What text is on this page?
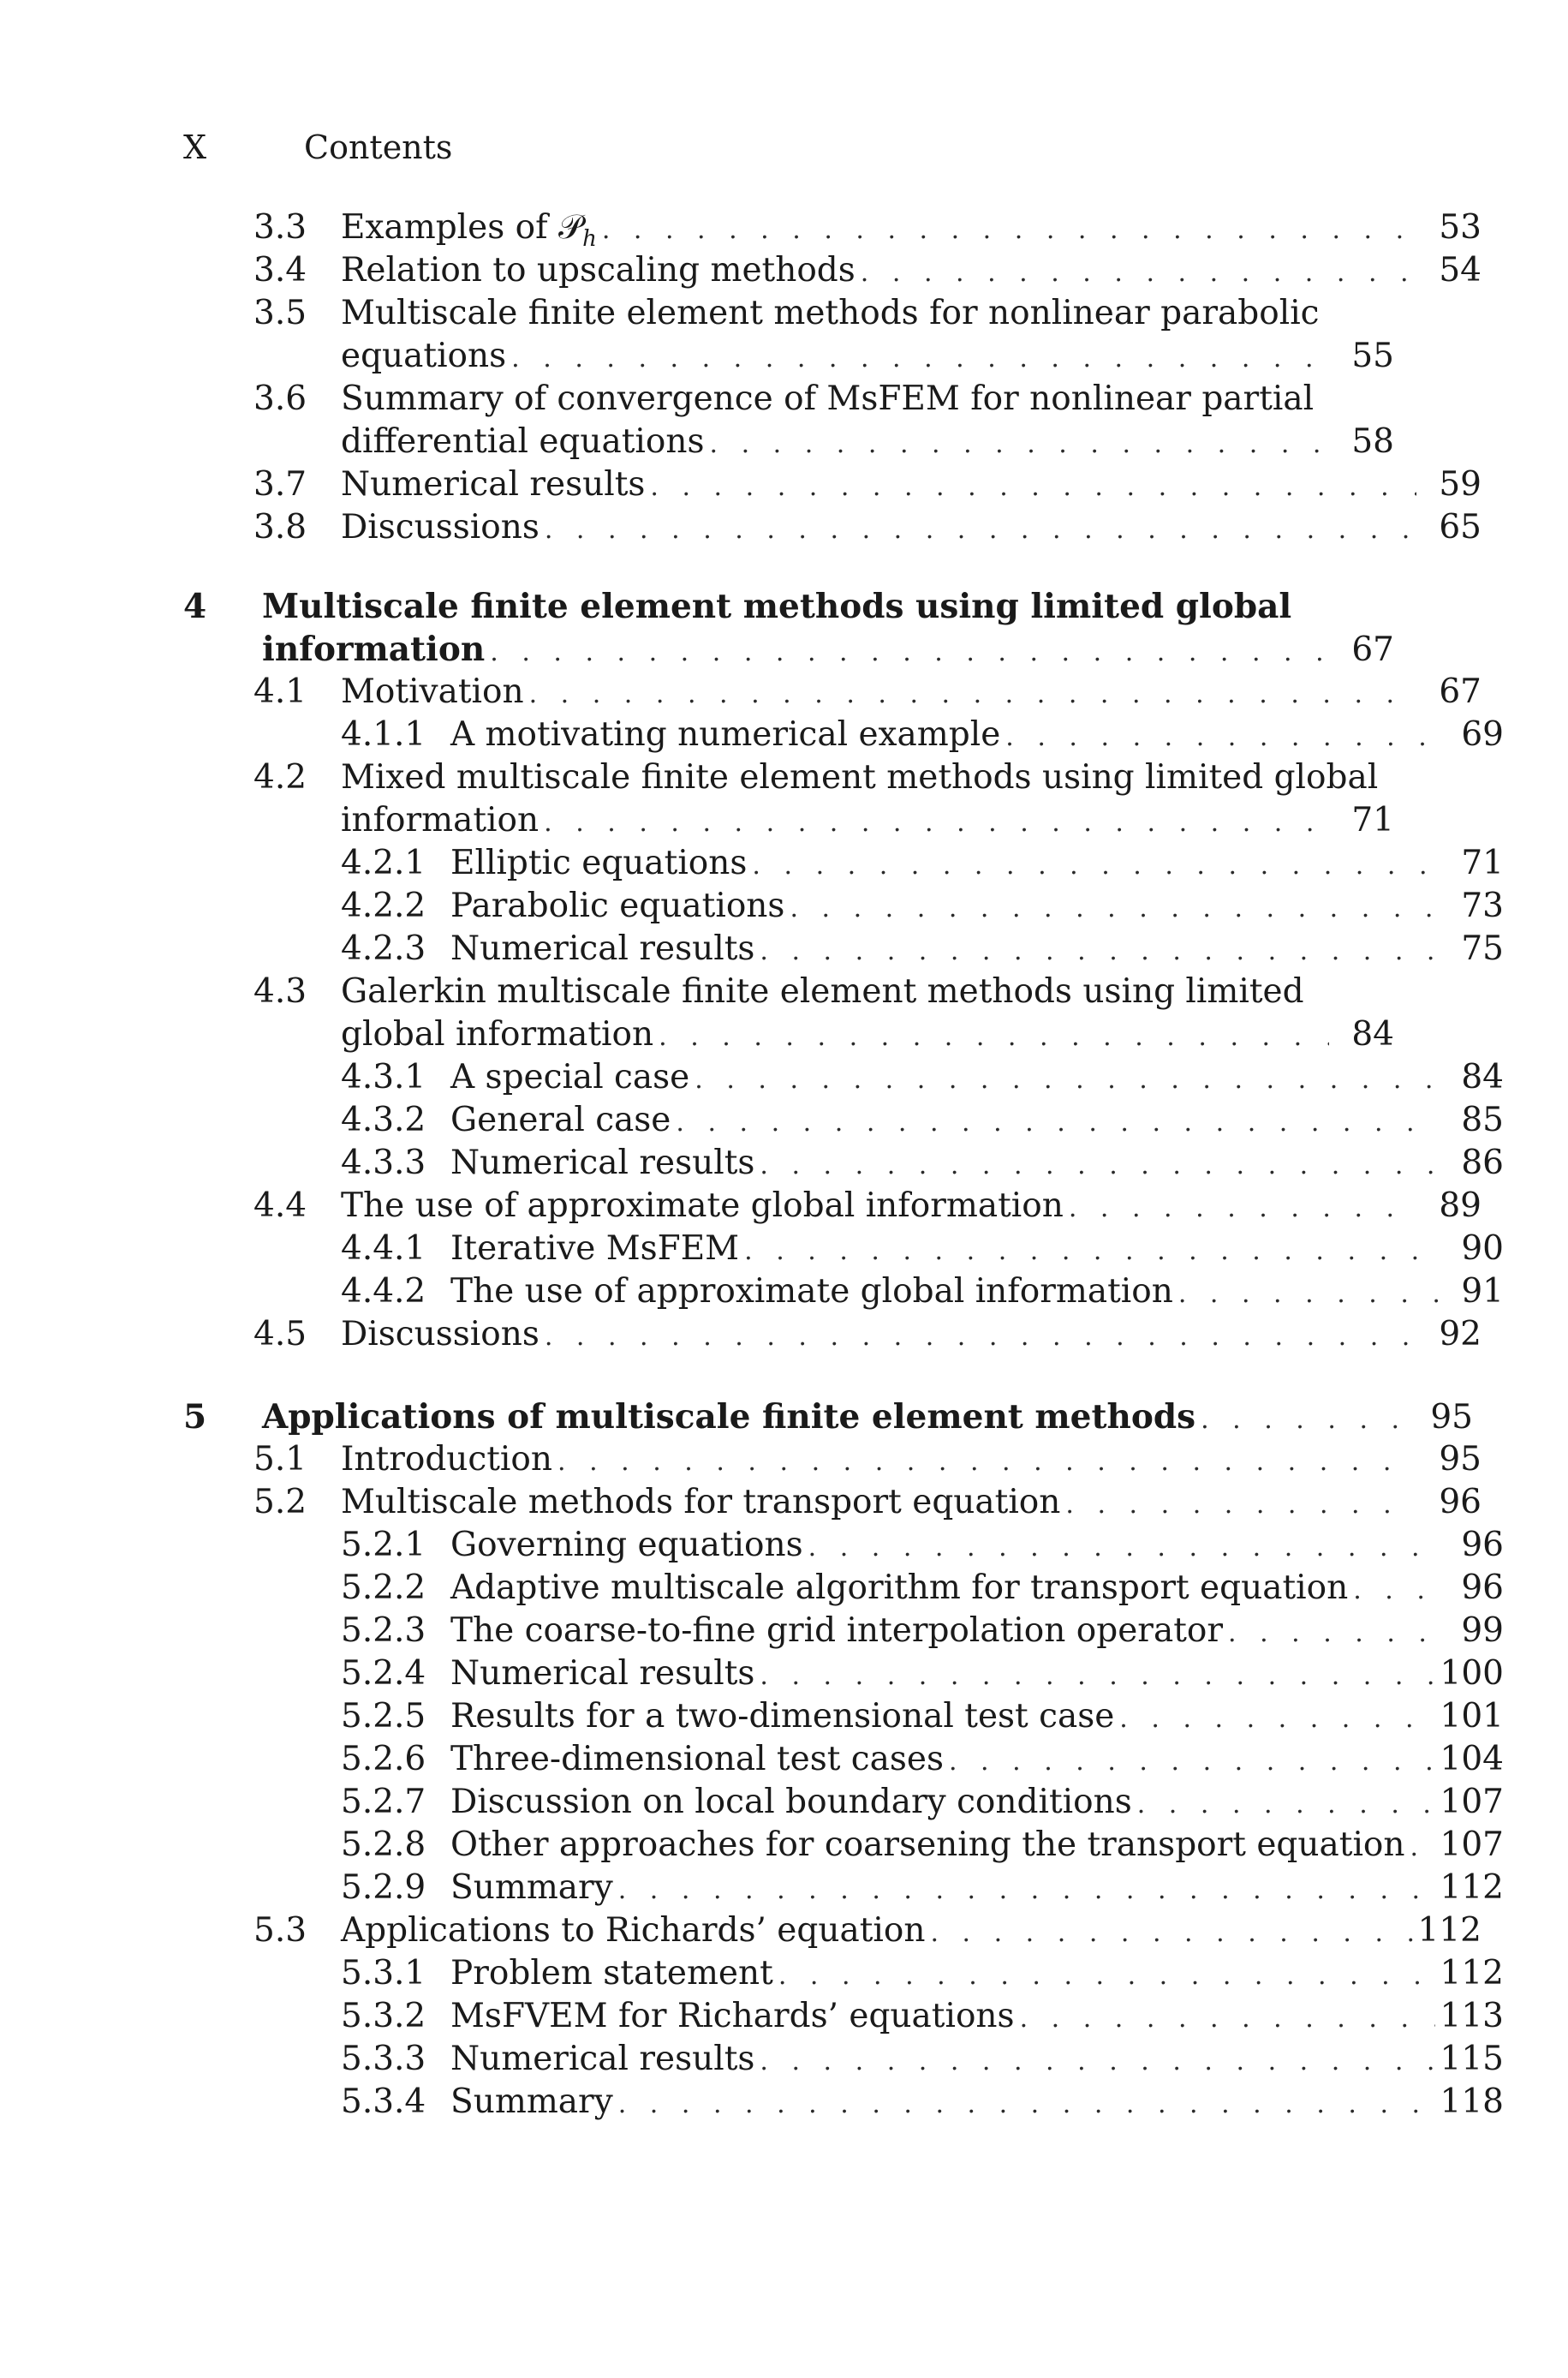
X	Contents
3.3 Examples of 𝒫$_h$ . . .	53
3.4 Relation to upscaling methods . . .	54
3.5 Multiscale finite element methods for nonlinear parabolic
equations . . .	55
3.6 Summary of convergence of MsFEM for nonlinear partial
differential equations . . .	58
3.7 Numerical results . . .	59
3.8 Discussions . . .	65
4 Multiscale finite element methods using limited global
information . . .	67
4.1 Motivation . . .	67
4.1.1 A motivating numerical example . . .	69
4.2 Mixed multiscale finite element methods using limited global
information . . .	71
4.2.1 Elliptic equations . . .	71
4.2.2 Parabolic equations . . .	73
4.2.3 Numerical results . . .	75
4.3 Galerkin multiscale finite element methods using limited
global information . . .	84
4.3.1 A special case . . .	84
4.3.2 General case . . .	85
4.3.3 Numerical results . . .	86
4.4 The use of approximate global information . . .	89
4.4.1 Iterative MsFEM . . .	90
4.4.2 The use of approximate global information . . .	91
4.5 Discussions . . .	92
5 Applications of multiscale finite element methods . . .	95
5.1 Introduction . . .	95
5.2 Multiscale methods for transport equation . . .	96
5.2.1 Governing equations . . .	96
5.2.2 Adaptive multiscale algorithm for transport equation . . .	96
5.2.3 The coarse-to-fine grid interpolation operator . . .	99
5.2.4 Numerical results . . .	100
5.2.5 Results for a two-dimensional test case . . .	101
5.2.6 Three-dimensional test cases . . .	104
5.2.7 Discussion on local boundary conditions . . .	107
5.2.8 Other approaches for coarsening the transport equation . . . 107
5.2.9 Summary . . .	112
5.3 Applications to Richards’ equation . . .	112
5.3.1 Problem statement . . .	112
5.3.2 MsFVEM for Richards’ equations . . .	113
5.3.3 Numerical results . . .	115
5.3.4 Summary . . .	118
